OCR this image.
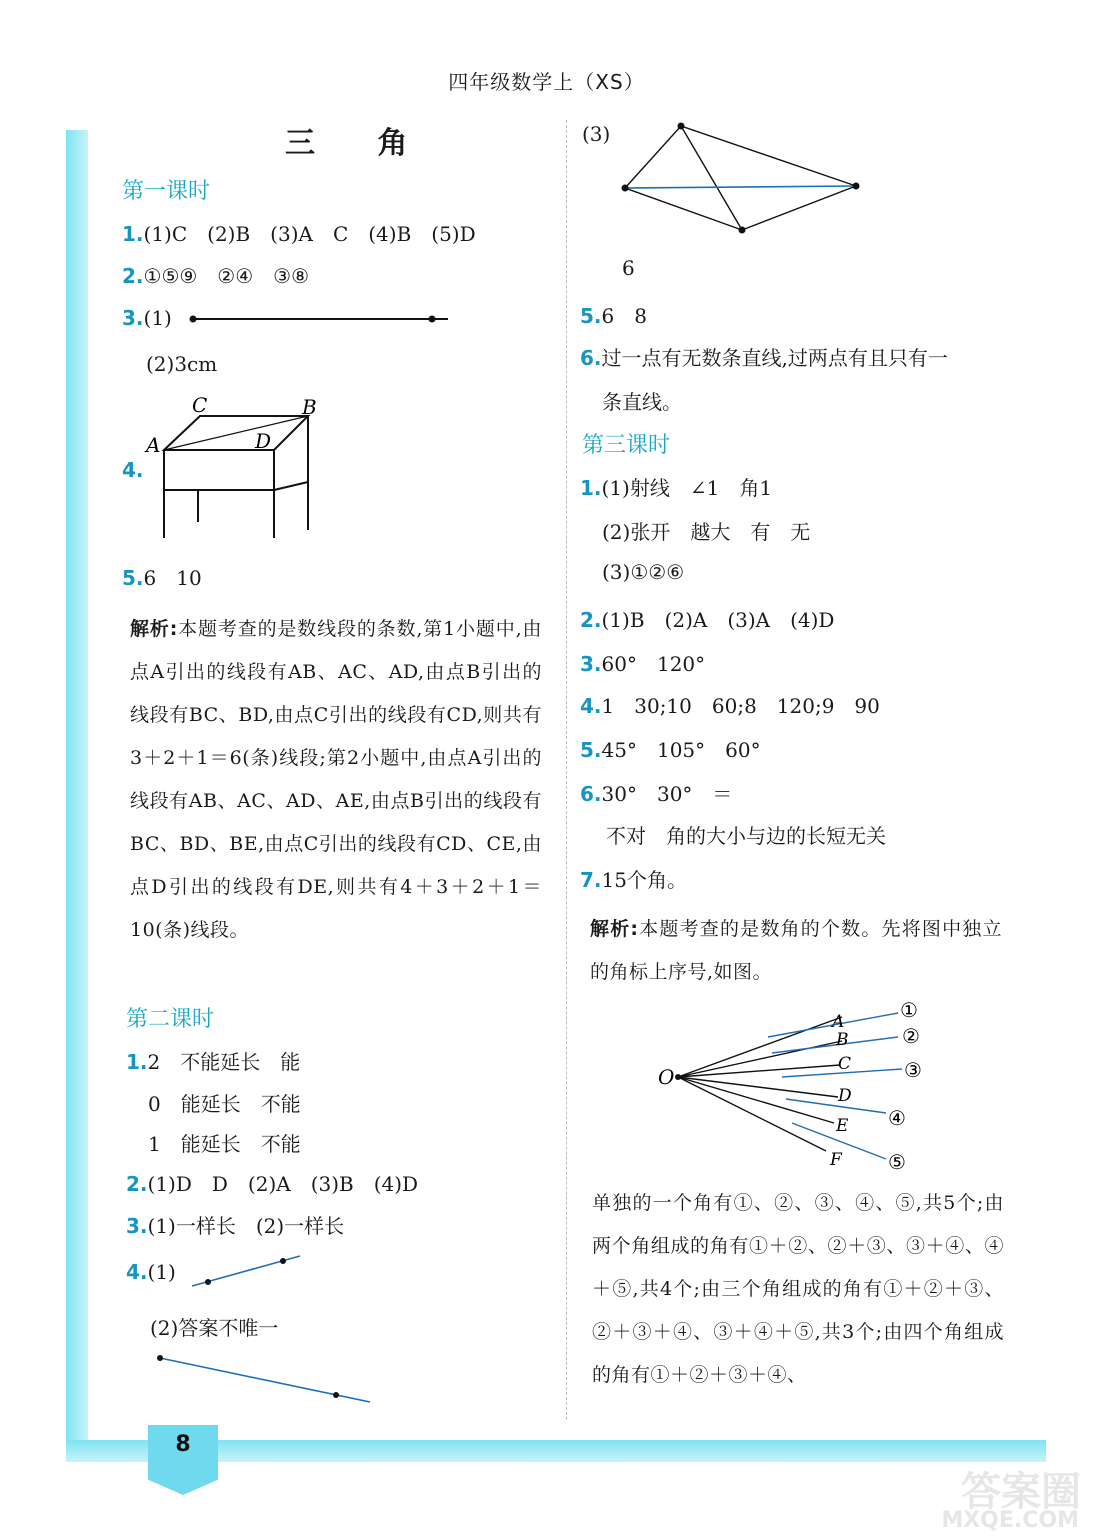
8
四年级数学上（XS）
三 角
第一课时
1.(1)C　(2)B　(3)A　C　(4)B　(5)D
2.①⑤⑨　②④　③⑧
3.(1)
(2)3cm
4.
A
C	B
D
5.6　10
解析:本题考查的是数线段的条数,第1小题中,由点A引出的线段有AB、AC、AD,由点B引出的线段有BC、BD,由点C引出的线段有CD,则共有3＋2＋1＝6(条)线段;第2小题中,由点A引出的线段有AB、AC、AD、AE,由点B引出的线段有BC、BD、BE,由点C引出的线段有CD、CE,由点D引出的线段有DE,则共有4＋3＋2＋1＝10(条)线段。
第二课时
1.2　不能延长　能
0　能延长　不能
1　能延长　不能
2.(1)D　D　(2)A　(3)B　(4)D
3.(1)一样长　(2)一样长
4.(1)
(2)答案不唯一
(3)
6
5.6　8
6.过一点有无数条直线,过两点有且只有一
条直线。
第三课时
1.(1)射线　∠1　角1
(2)张开　越大　有　无
(3)①②⑥
2.(1)B　(2)A　(3)A　(4)D
3.60°　120°
4.1　30;10　60;8　120;9　90
5.45°　105°　60°
6.30°　30°　＝
不对　角的大小与边的长短无关
7.15个角。
解析:本题考查的是数角的个数。先将图中独立的角标上序号,如图。
O
A
B
C
D
E
F
①
②
③
④
⑤
单独的一个角有①、②、③、④、⑤,共5个;由两个角组成的角有①＋②、②＋③、③＋④、④＋⑤,共4个;由三个角组成的角有①＋②＋③、②＋③＋④、③＋④＋⑤,共3个;由四个角组成的角有①＋②＋③＋④、
答案圈
MXQE.COM
